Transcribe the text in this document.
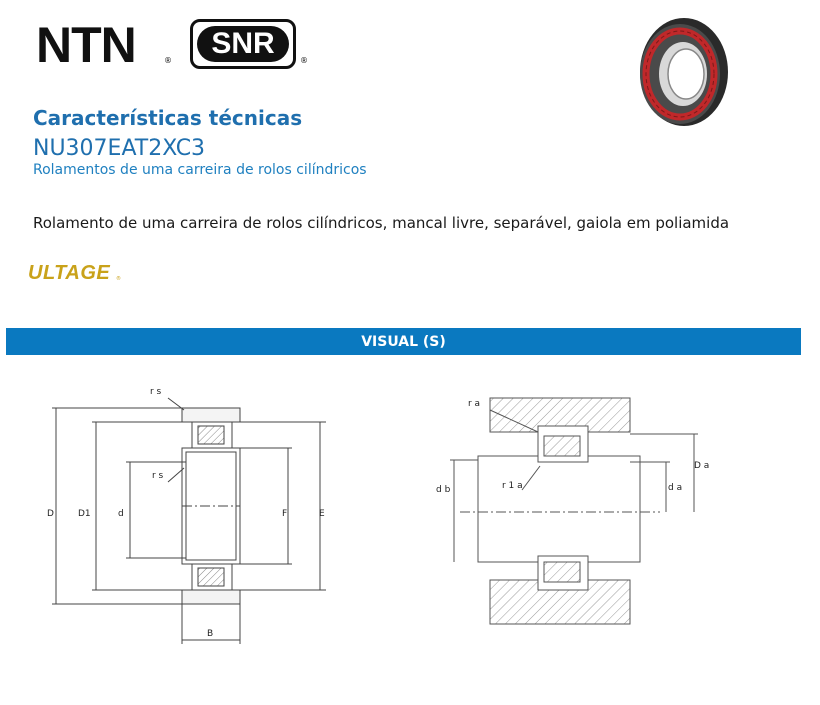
NTN	®
SNR
®
Características técnicas
NU307EAT2XC3
Rolamentos de uma carreira de rolos cilíndricos
Rolamento de uma carreira de rolos cilíndricos, mancal livre, separável, gaiola em poliamida
ULTAGE ®
VISUAL (S)
D	D1	d	F	E
B
r s
r s
r a
r 1 a
d b	d a
D a
